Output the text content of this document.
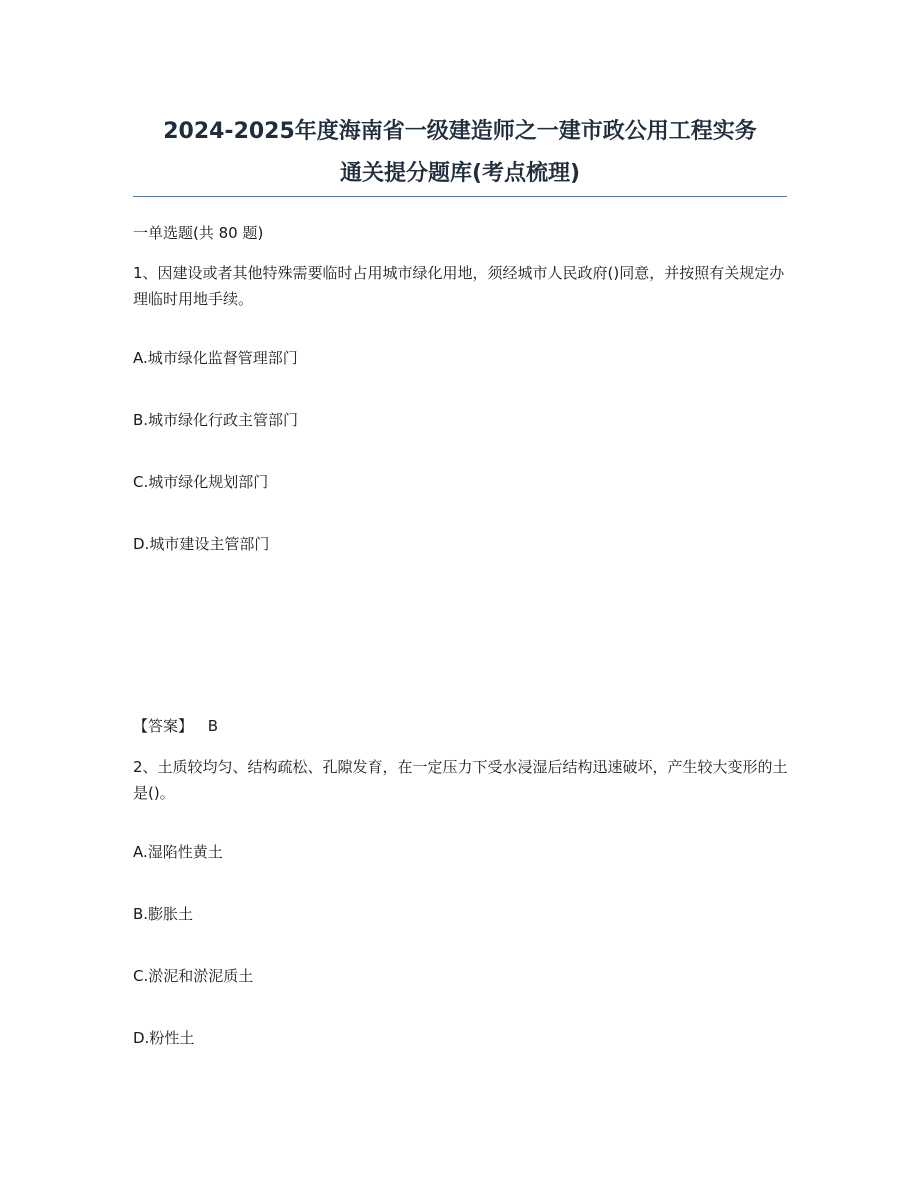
2024-2025年度海南省一级建造师之一建市政公用工程实务
通关提分题库(考点梳理)
一单选题(共 80 题)

1、因建设或者其他特殊需要临时占用城市绿化用地，须经城市人民政府()同意，并按照有关规定办理临时用地手续。

A.城市绿化监督管理部门
B.城市绿化行政主管部门
C.城市绿化规划部门
D.城市建设主管部门
【答案】 B

2、土质较均匀、结构疏松、孔隙发育，在一定压力下受水浸湿后结构迅速破坏，产生较大变形的土是()。

A.湿陷性黄土
B.膨胀土
C.淤泥和淤泥质土
D.粉性土
